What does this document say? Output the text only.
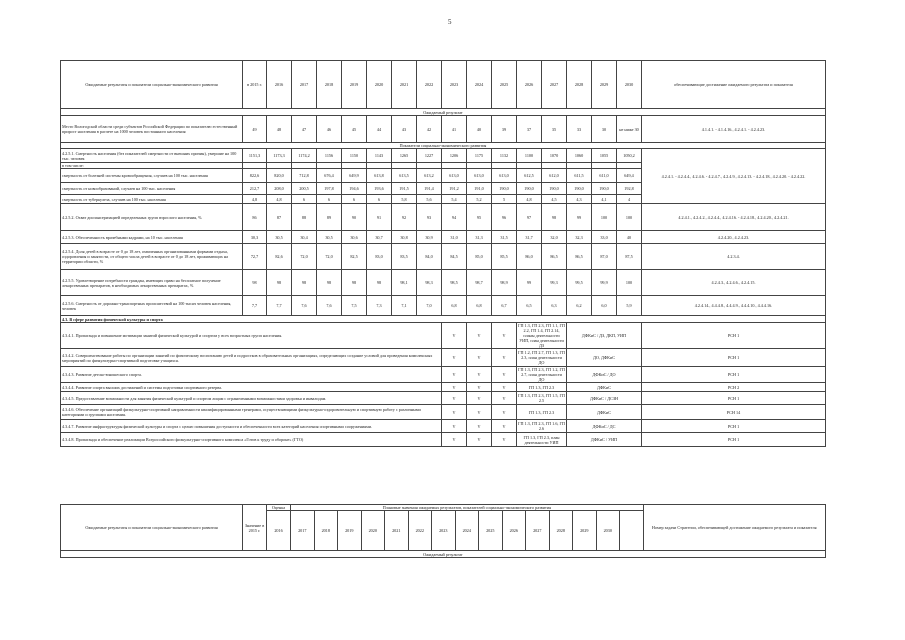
5
Ожидаемые результаты и показатели социально-экономического развития	в 2015 г.	2016	2017	2018	2019	2020	2021	2022	2023	2024	2025	2026	2027	2028	2029	2030	обеспечивающие достижение ожидаемого результата и показателя
Ожидаемый результат																	
Место Вологодской области среди субъектов Российской Федерации по показателю естественный прирост населения в расчете на 1000 человек постоянного населения	49	48	47	46	45	44	43	42	41	40	39	37	35	33	30	не ниже 30	4.1.4.1. - 4.1.4.16., 4.2.4.1. - 4.2.4.23.
Показатели социально-экономического развития																	
4.2.5.1. Смертность населения (без показателей смертности от внешних причин), умершие на 100 тыс. человек	1151,3	1173,3	1174,2	1156	1150	1143	1265	1227	1206	1175	1132	1100	1070	1060	1055	1050,2	4.2.4.1. - 4.2.4.4., 4.2.4.6. - 4.2.4.7., 4.2.4.9., 4.2.4.13. - 4.2.4.18., 4.2.4.20. - 4.2.4.22.
в том числе:																	
смертность от болезней системы кровообращения, случаев на 100 тыс. населения	822,6	820,0	712,8	676,4	649,9	613,8	613,5	613,2	613,0	613,0	613,0	612,5	612,0	611,5	611,0	649,4	
смертность от новообразований, случаев на 100 тыс. населения	212,7	208,0	200,5	197,8	194,6	193,6	191,5	191,4	191,2	191,0	190,0	190,0	190,0	190,0	190,0	192,8	
смертность от туберкулеза, случаев на 100 тыс. населения	4,8	4,8	6	6	6	6	5,8	5,6	5,4	5,2	5	4,8	4,5	4,3	4,1	4	
4.2.5.2. Охват диспансеризацией определенных групп взрослого населения, %	86	87	88	89	90	91	92	93	94	95	96	97	98	99	100	100	4.2.4.1., 4.2.4.2., 4.2.4.4., 4.2.4.16. - 4.2.4.18., 4.2.4.20., 4.2.4.21.
4.2.5.3. Обеспеченность врачебными кадрами, на 10 тыс. населения	30,3	30,5	30,4	30,5	30,6	30,7	30,8	30,9	31,0	31,3	31,5	31,7	32,0	32,3	33,0	40	4.2.4.20., 4.2.4.23.
4.2.5.4. Доля детей в возрасте от 0 до 18 лет, охваченных организованными формами отдыха, оздоровления и занятости, от общего числа детей в возрасте от 0 до 18 лет, проживающих на территории области, %	72,7	82,6	72,0	72,0	82,5	83,0	83,5	84,0	84,5	85,0	85,5	86,0	86,5	86,5	87,0	87,5	4.2.3.4.
4.2.5.5. Удовлетворение потребности граждан, имеющих право на бесплатное получение лекарственных препаратов, в необходимых лекарственных препаратах, %	98	98	98	98	98	98	98,1	98,3	98,5	98,7	98,9	99	99,3	99,5	99,9	100	4.2.4.3., 4.2.4.6., 4.2.4.15.
4.2.5.6. Смертность от дорожно-транспортных происшествий на 100 тысяч человек населения, человек	7,7	7,7	7,6	7,6	7,5	7,3	7,1	7,0	6,8	6,8	6,7	6,5	6,3	6,2	6,0	5,9	4.2.4.14., 4.4.4.8., 4.4.4.9., 4.4.4.10., 4.4.4.16.
4.3. В сфере развития физической культуры и спорта																	
4.3.4.1. Пропаганда и повышение мотивации занятий физической культурой и спортом у всех возрастных групп населения.									V	V	V	ГП 1.3, ГП 2.3, ГП 1.1, ГП 2.2, ГП 1.4, ГП 2.14, планы деятельности УИП, план деятельности ДЗ		ДФКиС / ДЗ, ДКП, УИП			РСН 1
4.3.4.2. Совершенствование работы по организации занятий по физическому воспитанию детей и подростков в образовательных организациях, определяющих создание условий для проведения комплексных мероприятий по физкультурно-спортивной подготовке учащихся.									V	V	V	ГП 1.2, ГП 2.7, ГП 1.3, ГП 2.3, план деятельности ДО		ДО, ДФКиС			РСН 1
4.3.4.3. Развитие детско-юношеского спорта.									V	V	V	ГП 1.3, ГП 2.3, ГП 1.2, ГП 2.7, план деятельности ДО		ДФКиС / ДО			РСН 1
4.3.4.4. Развитие спорта высших достижений и системы подготовки спортивного резерва.									V	V	V	ГП 1.3, ГП 2.3		ДФКиС			РСН 2
4.3.4.5. Предоставление возможности для занятия физической культурой и спортом лицам с ограниченными возможностями здоровья и инвалидам.									V	V	V	ГП 1.3, ГП 2.3, ГП 1.5, ГП 2.5		ДФКиС / ДСЗН			РСН 1
4.3.4.6. Обеспечение организаций физкультурно-спортивной направленности квалифицированными тренерами, осуществляющими физкультурно-оздоровительную и спортивную работу с различными категориями и группами населения.									V	V	V	ГП 1.3, ГП 2.3		ДФКиС			РСН 14
4.3.4.7. Развитие инфраструктуры физической культуры и спорта с целью повышения доступности и обеспеченности всех категорий населения спортивными сооружениями.									V	V	V	ГП 1.3, ГП 2.3, ГП 1.6, ГП 2.6		ДФКиС / ДС			РСН 1
4.3.4.8. Пропаганда и обеспечение реализации Всероссийского физкультурно-спортивного комплекса «Готов к труду и обороне» (ГТО)									V	V	V	ГП 1.3, ГП 2.3, план деятельности УИП		ДФКиС / УИП			РСН 1
Ожидаемые результаты и показатели социально-экономического развития	Значение в 2015 г.	Оценка	Плановые значения ожидаемых результатов, показателей социально-экономического развития														Номер задачи Стратегии, обеспечивающей достижение ожидаемого результата и показателя
		2016	2017	2018	2019	2020	2021	2022	2023	2024	2025	2026	2027	2028	2029	2030	
Ожидаемый результат																	
